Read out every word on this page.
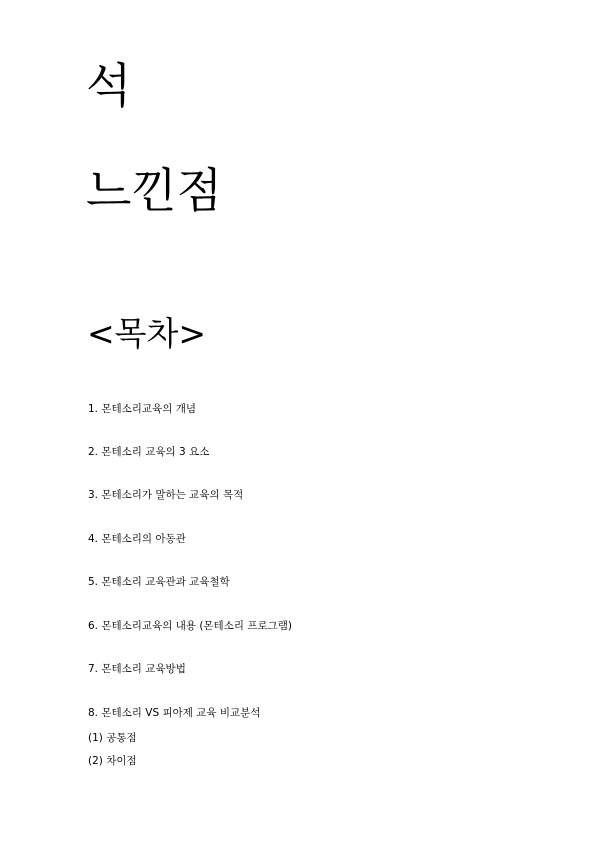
석
느낀점
<목차>
1. 몬테소리교육의 개념
2. 몬테소리 교육의 3 요소
3. 몬테소리가 말하는 교육의 목적
4. 몬테소리의 아동관
5. 몬테소리 교육관과 교육철학
6. 몬테소리교육의 내용 (몬테소리 프로그램)
7. 몬테소리 교육방법
8. 몬테소리 VS 피아제 교육 비교분석
(1) 공통점
(2) 차이점
